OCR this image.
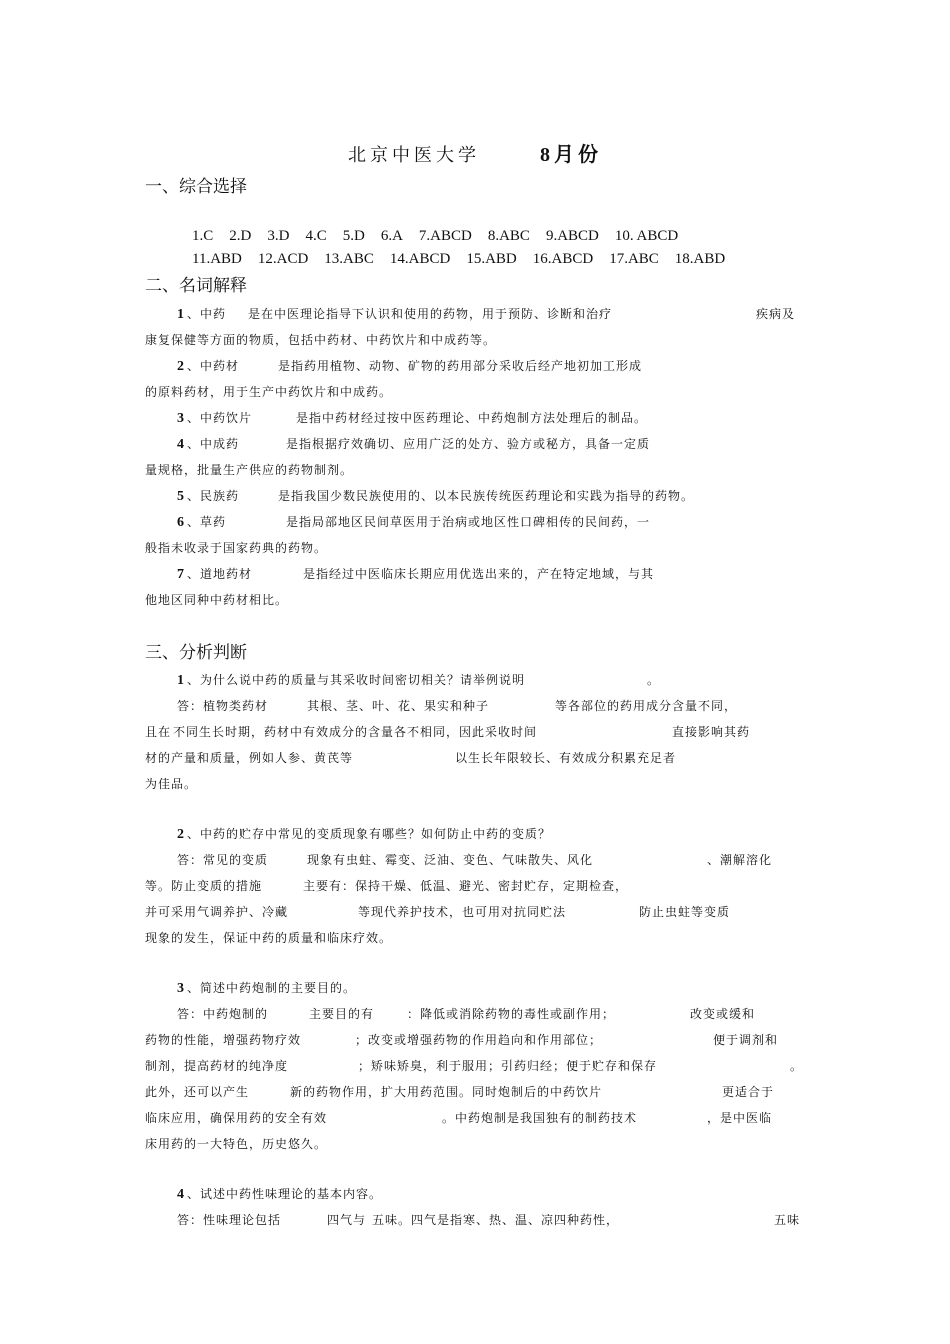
北京中医大学	8月份
一、综合选择

1.C 2.D 3.D 4.C 5.D 6.A 7.ABCD 8.ABC 9.ABCD 10. ABCD

11.ABD 12.ACD 13.ABC 14.ABCD 15.ABD 16.ABCD 17.ABC 18.ABD

二、名词解释
1 、中药 是在中医理论指导下认识和使用的药物，用于预防、诊断和治疗	疾病及
康复保健等方面的物质，包括中药材、中药饮片和中成药等。
2 、中药材	是指药用植物、动物、矿物的药用部分采收后经产地初加工形成
的原料药材，用于生产中药饮片和中成药。
3 、中药饮片	是指中药材经过按中医药理论、中药炮制方法处理后的制品。
4 、中成药	是指根据疗效确切、应用广泛的处方、验方或秘方，具备一定质
量规格，批量生产供应的药物制剂。
5 、民族药	是指我国少数民族使用的、以本民族传统医药理论和实践为指导的药物。
6 、草药	是指局部地区民间草医用于治病或地区性口碑相传的民间药，一
般指未收录于国家药典的药物。
7 、道地药材	是指经过中医临床长期应用优选出来的，产在特定地域，与其
他地区同种中药材相比。
三、分析判断
1 、为什么说中药的质量与其采收时间密切相关？请举例说明	。
答：植物类药材	其根、茎、叶、花、果实和种子	等各部位的药用成分含量不同，
且在 不同生长时期，药材中有效成分的含量各不相同，因此采收时间	直接影响其药
材的产量和质量，例如人参、黄芪等	以生长年限较长、有效成分积累充足者
为佳品。
2 、中药的贮存中常见的变质现象有哪些？如何防止中药的变质？
答：常见的变质	现象有虫蛀、霉变、泛油、变色、气味散失、风化	、潮解溶化
等。防止变质的措施	主要有：保持干燥、低温、避光、密封贮存，定期检查，
并可采用气调养护、冷藏	等现代养护技术，也可用对抗同贮法	防止虫蛀等变质
现象的发生，保证中药的质量和临床疗效。
3 、简述中药炮制的主要目的。
答：中药炮制的	主要目的有	：降低或消除药物的毒性或副作用；	改变或缓和
药物的性能，增强药物疗效	；改变或增强药物的作用趋向和作用部位；	便于调剂和
制剂，提高药材的纯净度	；矫味矫臭，利于服用；引药归经；便于贮存和保存	。
此外，还可以产生	新的药物作用，扩大用药范围。同时炮制后的中药饮片	更适合于
临床应用，确保用药的安全有效	。中药炮制是我国独有的制药技术	，是中医临
床用药的一大特色，历史悠久。
4 、试述中药性味理论的基本内容。
答：性味理论包括	四气与 五味。四气是指寒、热、温、凉四种药性，	五味
